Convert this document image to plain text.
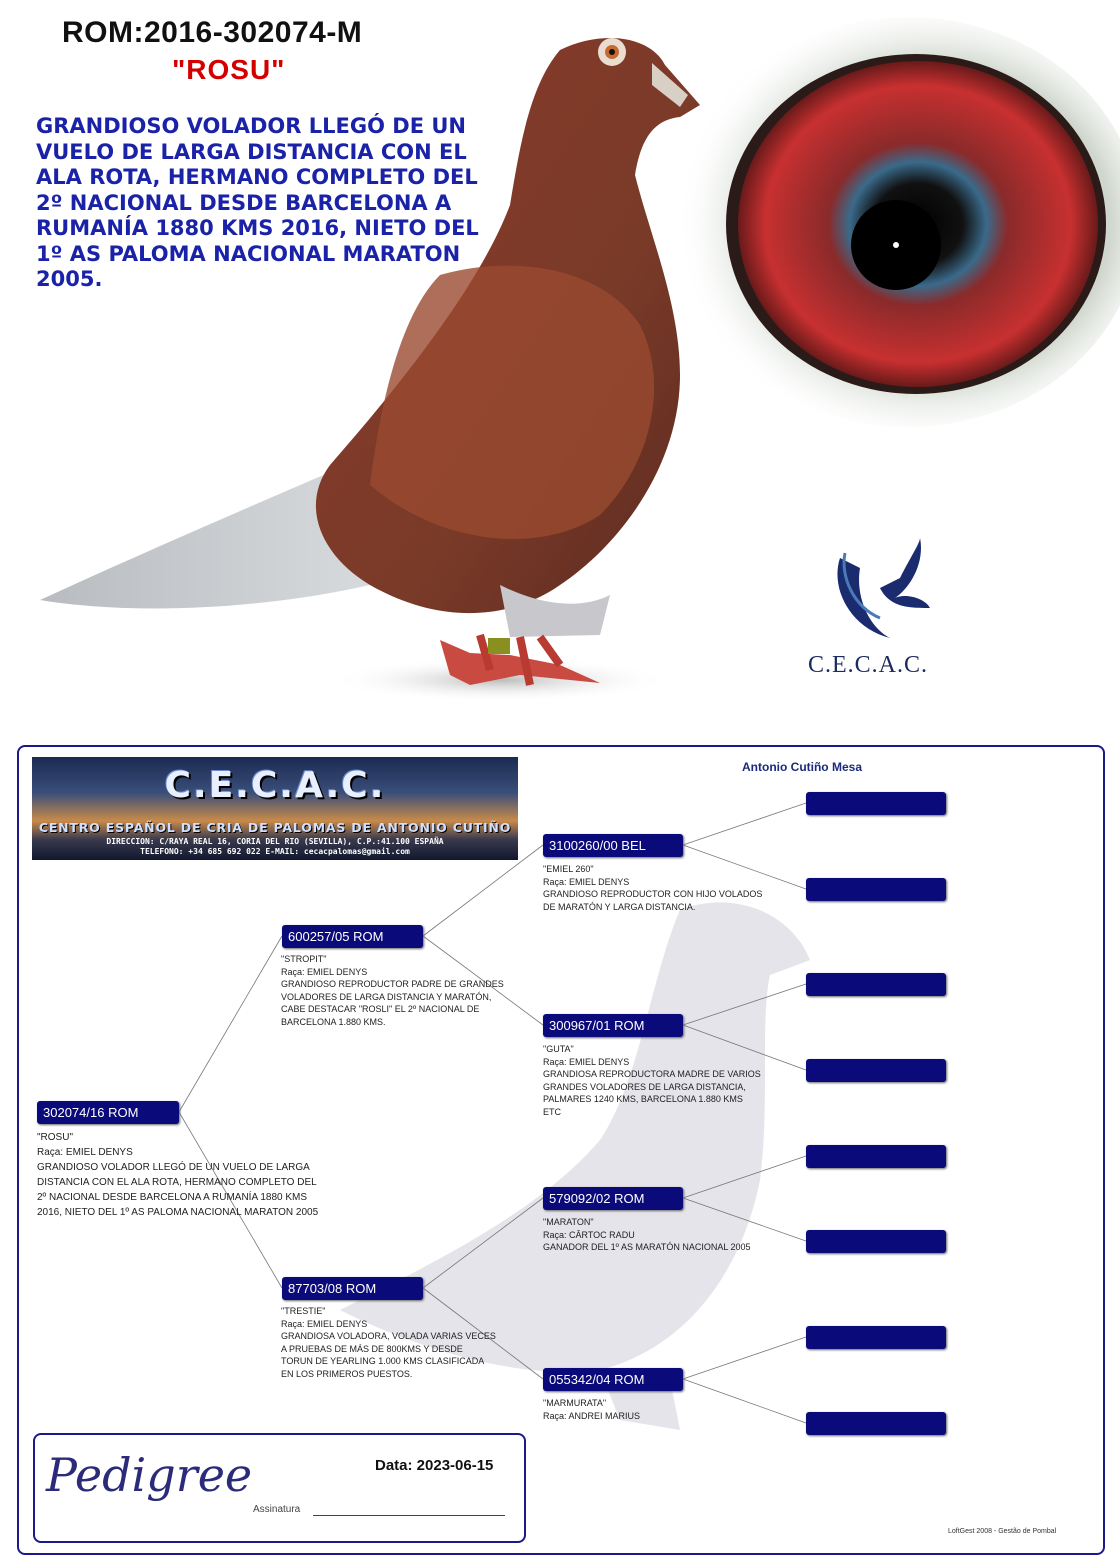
ROM:2016-302074-M
"ROSU"
GRANDIOSO VOLADOR LLEGÓ DE UN VUELO DE LARGA DISTANCIA CON EL ALA ROTA, HERMANO COMPLETO DEL 2º NACIONAL DESDE BARCELONA A RUMANÍA 1880 KMS 2016, NIETO DEL 1º AS PALOMA NACIONAL MARATON 2005.
C.E.C.A.C.
C.E.C.A.C.
CENTRO ESPAÑOL DE CRIA DE PALOMAS DE ANTONIO CUTIÑO
DIRECCION: C/RAYA REAL 16, CORIA DEL RIO (SEVILLA), C.P.:41.100 ESPAÑA
TELEFONO: +34 685 692 022 E-MAIL: cecacpalomas@gmail.com
Antonio Cutiño Mesa
302074/16 ROM
"ROSU"
Raça: EMIEL DENYS
GRANDIOSO VOLADOR LLEGÓ DE UN VUELO DE LARGA
DISTANCIA CON EL ALA ROTA, HERMANO COMPLETO DEL
2º NACIONAL DESDE BARCELONA A RUMANÍA 1880 KMS
2016, NIETO DEL 1º AS PALOMA NACIONAL MARATON 2005
600257/05 ROM
"STROPIT"
Raça: EMIEL DENYS
GRANDIOSO REPRODUCTOR PADRE DE GRANDES
VOLADORES DE LARGA DISTANCIA Y MARATÓN,
CABE DESTACAR "ROSLI" EL 2º NACIONAL DE
BARCELONA 1.880 KMS.
87703/08 ROM
"TRESTIE"
Raça: EMIEL DENYS
GRANDIOSA VOLADORA, VOLADA VARIAS VECES
A PRUEBAS DE MÁS DE 800KMS Y DESDE
TORUN DE YEARLING 1.000 KMS CLASIFICADA
EN LOS PRIMEROS PUESTOS.
3100260/00 BEL
"EMIEL 260"
Raça: EMIEL DENYS
GRANDIOSO REPRODUCTOR CON HIJO VOLADOS
DE MARATÓN Y LARGA DISTANCIA.
300967/01 ROM
"GUTA"
Raça: EMIEL DENYS
GRANDIOSA REPRODUCTORA MADRE DE VARIOS
GRANDES VOLADORES DE LARGA DISTANCIA,
PALMARES 1240 KMS, BARCELONA 1.880 KMS
ETC
579092/02 ROM
"MARATON"
Raça: CÂRTOC RADU
GANADOR DEL 1º AS MARATÓN NACIONAL 2005
055342/04 ROM
"MARMURATA"
Raça: ANDREI MARIUS
Pedigree	Data: 2023-06-15
Assinatura
LoftGest 2008 - Gestão de Pombal
